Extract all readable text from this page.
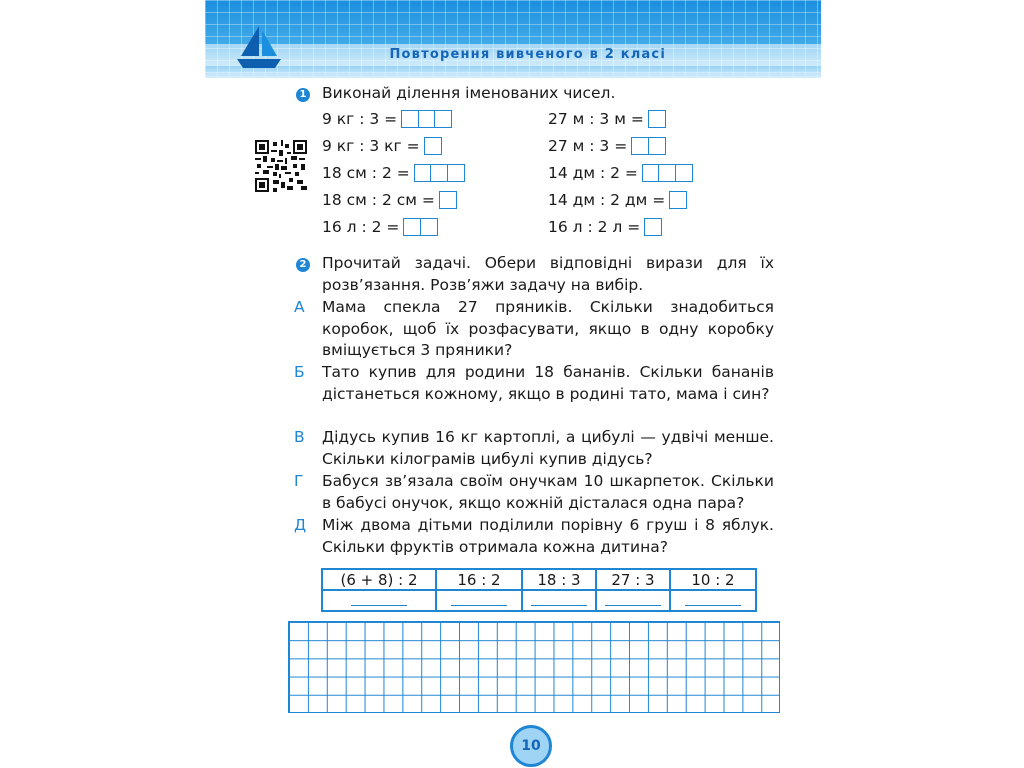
Повторення вивченого в 2 класі
1 Виконай ділення іменованих чисел.
9 кг : 3 =
9 кг : 3 кг =
18 см : 2 =
18 см : 2 см =
16 л : 2 =
27 м : 3 м =
27 м : 3 =
14 дм : 2 =
14 дм : 2 дм =
16 л : 2 л =
2 Прочитай задачі. Обери відповідні вирази для їх розв’язання. Розв’яжи задачу на вибір.
А	Мама спекла 27 пряників. Скільки знадобиться коробок, щоб їх розфасувати, якщо в одну коробку вміщується 3 пряники?
Б	Тато купив для родини 18 бананів. Скільки бананів дістанеться кожному, якщо в родині тато, мама і син?
В	Дідусь купив 16 кг картоплі, а цибулі — удвічі менше. Скільки кілограмів цибулі купив дідусь?
Г	Бабуся зв’язала своїм онучкам 10 шкарпеток. Скільки в бабусі онучок, якщо кожній дісталася одна пара?
Д Між двома дітьми поділили порівну 6 груш і 8 яблук. Скільки фруктів отримала кожна дитина?
(6 + 8) : 2	16 : 2	18 : 3	27 : 3	10 : 2

10
